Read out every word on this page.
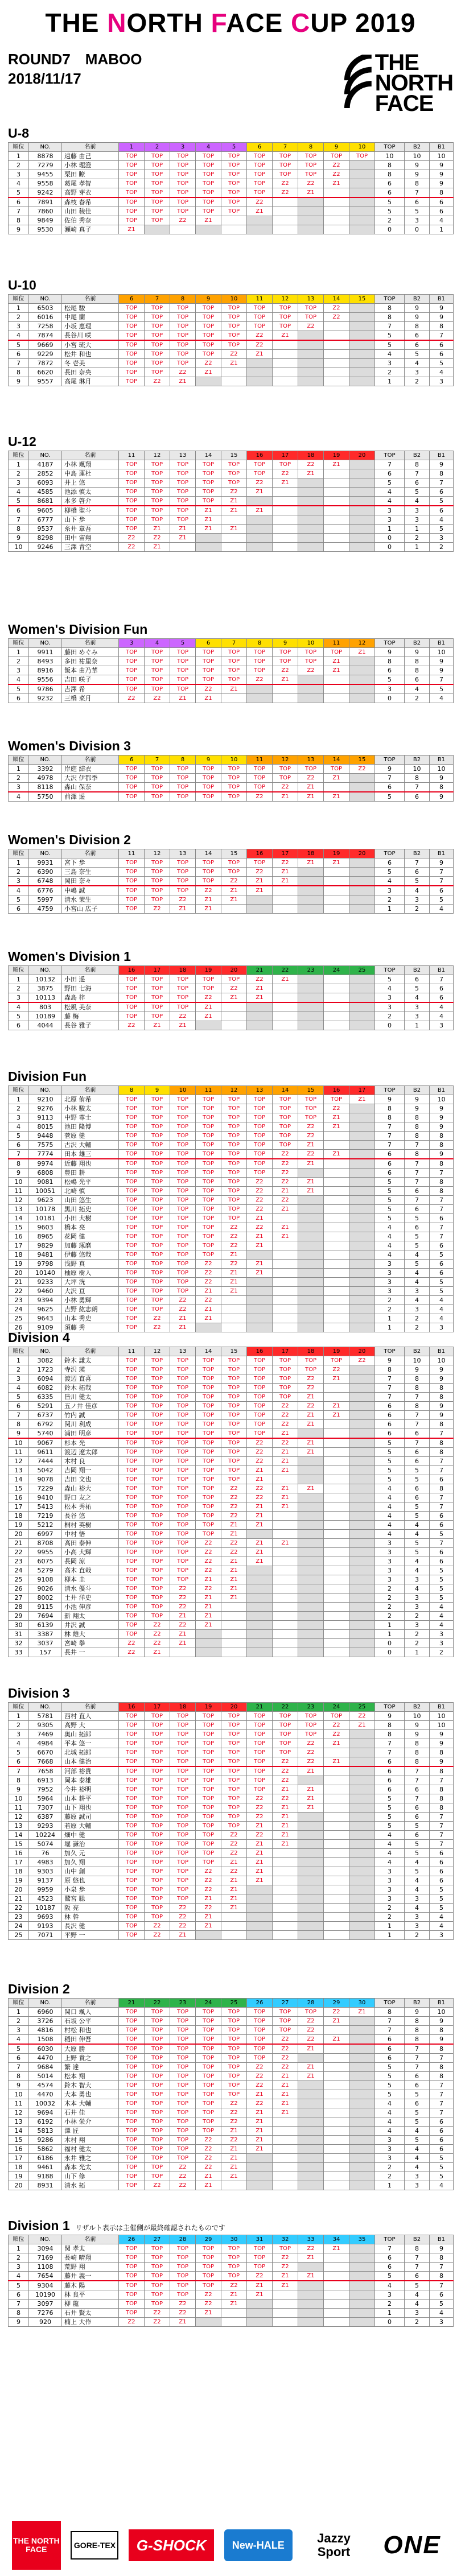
THE NORTH FACE CUP 2019
ROUND7　MABOO
2018/11/17
THE
NORTH
FACE
U-8
順位	NO.	名前	1	2	3	4	5	6	7	8	9	10	TOP	B2	B1
1	8878	遠藤 由己	TOP	TOP	TOP	TOP	TOP	TOP	TOP	TOP	TOP	TOP	10	10	10
2	7279	小林 理澄	TOP	TOP	TOP	TOP	TOP	TOP	TOP	TOP	Z2		8	9	9
3	9455	栗田 瞭	TOP	TOP	TOP	TOP	TOP	TOP	TOP	TOP	Z2		8	9	9
4	9558	葛尾 孝智	TOP	TOP	TOP	TOP	TOP	TOP	Z2	Z2	Z1		6	8	9
5	9242	高野 芽衣	TOP	TOP	TOP	TOP	TOP	TOP	Z2	Z1			6	7	8
6	7891	森枝 春希	TOP	TOP	TOP	TOP	TOP	Z2					5	6	6
7	7860	山田 稜佳	TOP	TOP	TOP	TOP	TOP	Z1					5	5	6
8	9849	佐伯 秀奈	TOP	TOP	Z2	Z1							2	3	4
9	9530	瀬崎 真子	Z1										0	0	1
U-10
順位	NO.	名前	6	7	8	9	10	11	12	13	14	15	TOP	B2	B1
1	6503	松尾 駿	TOP	TOP	TOP	TOP	TOP	TOP	TOP	TOP	Z2		8	9	9
2	6016	中尾 蘭	TOP	TOP	TOP	TOP	TOP	TOP	TOP	TOP	Z2		8	9	9
3	7258	小坂 恵理	TOP	TOP	TOP	TOP	TOP	TOP	TOP	Z2			7	8	8
4	7874	長谷川 咲	TOP	TOP	TOP	TOP	TOP	Z2	Z1				5	6	7
5	9669	小宮 琉大	TOP	TOP	TOP	TOP	TOP	Z2					5	6	6
6	9229	松井 和也	TOP	TOP	TOP	TOP	Z2	Z1					4	5	6
7	7872	冬 壱美	TOP	TOP	TOP	Z2	Z1						3	4	5
8	6620	長田 奈央	TOP	TOP	Z2	Z1							2	3	4
9	9557	高尾 琳月	TOP	Z2	Z1								1	2	3
U-12
順位	NO.	名前	11	12	13	14	15	16	17	18	19	20	TOP	B2	B1
1	4187	小林 颯翔	TOP	TOP	TOP	TOP	TOP	TOP	TOP	Z2	Z1		7	8	9
2	2852	中島 蓮杜	TOP	TOP	TOP	TOP	TOP	TOP	Z2	Z1			6	7	8
3	6093	井上 悠	TOP	TOP	TOP	TOP	TOP	Z2	Z1				5	6	7
4	4585	池添 慎太	TOP	TOP	TOP	TOP	Z2	Z1					4	5	6
5	8681	本多 啓介	TOP	TOP	TOP	TOP	Z1						4	4	5
6	9605	柳橋 聖斗	TOP	TOP	TOP	Z1	Z1	Z1					3	3	6
7	6777	山下 歩	TOP	TOP	TOP	Z1							3	3	4
8	9537	糸井 章吾	TOP	Z1	Z1	Z1	Z1						1	1	5
9	8298	田中 宙翔	Z2	Z2	Z1								0	2	3
10	9246	三澤 青空	Z2	Z1									0	1	2
Women's Division Fun
順位	NO.	名前	3	4	5	6	7	8	9	10	11	12	TOP	B2	B1
1	9911	藤田 めぐみ	TOP	TOP	TOP	TOP	TOP	TOP	TOP	TOP	TOP	Z1	9	9	10
2	8493	多田 祐里奈	TOP	TOP	TOP	TOP	TOP	TOP	TOP	TOP	Z1		8	8	9
3	8916	飯本 由乃華	TOP	TOP	TOP	TOP	TOP	TOP	Z2	Z2	Z1		6	8	9
4	9556	吉田 咲子	TOP	TOP	TOP	TOP	TOP	Z2	Z1				5	6	7
5	9786	吉澤 希	TOP	TOP	TOP	Z2	Z1						3	4	5
6	9232	三橋 菜月	Z2	Z2	Z1	Z1							0	2	4
Women's Division 3
順位	NO.	名前	6	7	8	9	10	11	12	13	14	15	TOP	B2	B1
1	3392	岸庭 結衣	TOP	TOP	TOP	TOP	TOP	TOP	TOP	TOP	TOP	Z2	9	10	10
2	4978	大沢 伊都季	TOP	TOP	TOP	TOP	TOP	TOP	TOP	Z2	Z1		7	8	9
3	8118	森山 保奈	TOP	TOP	TOP	TOP	TOP	TOP	Z2	Z1			6	7	8
4	5750	前澤 遥	TOP	TOP	TOP	TOP	TOP	Z2	Z1	Z1	Z1		5	6	9
Women's Division 2
順位	NO.	名前	11	12	13	14	15	16	17	18	19	20	TOP	B2	B1
1	9931	宮下 歩	TOP	TOP	TOP	TOP	TOP	TOP	Z2	Z1	Z1		6	7	9
2	6390	三島 奈生	TOP	TOP	TOP	TOP	TOP	Z2	Z1				5	6	7
3	6748	岡田 奈々	TOP	TOP	TOP	TOP	Z2	Z1	Z1				4	5	7
4	6776	中嶋 誠	TOP	TOP	TOP	Z2	Z1	Z1					3	4	6
5	5997	清水 茉生	TOP	TOP	Z2	Z1	Z1						2	3	5
6	4759	小宮山 広子	TOP	Z2	Z1	Z1							1	2	4
Women's Division 1
順位	NO.	名前	16	17	18	19	20	21	22	23	24	25	TOP	B2	B1
1	10132	小田 遥	TOP	TOP	TOP	TOP	TOP	Z2	Z1				5	6	7
2	3875	野田 七海	TOP	TOP	TOP	TOP	Z2	Z1					4	5	6
3	10113	森島 梓	TOP	TOP	TOP	Z2	Z1	Z1					3	4	6
4	803	松風 美奈	TOP	TOP	TOP	Z1							3	3	4
5	10189	藤 梅	TOP	TOP	Z2	Z1							2	3	4
6	4044	長谷 雅子	Z2	Z1	Z1								0	1	3
Division Fun
順位	NO.	名前	8	9	10	11	12	13	14	15	16	17	TOP	B2	B1
1	9210	北原 侑希	TOP	TOP	TOP	TOP	TOP	TOP	TOP	TOP	TOP	Z1	9	9	10
2	9276	小林 駿太	TOP	TOP	TOP	TOP	TOP	TOP	TOP	TOP	Z2		8	9	9
3	9113	中野 尊士	TOP	TOP	TOP	TOP	TOP	TOP	TOP	TOP	Z1		8	8	9
4	8015	池田 隆博	TOP	TOP	TOP	TOP	TOP	TOP	TOP	Z2	Z1		7	8	9
5	9448	菅原 健	TOP	TOP	TOP	TOP	TOP	TOP	TOP	Z2			7	8	8
6	7575	古沢 大輔	TOP	TOP	TOP	TOP	TOP	TOP	TOP	Z1			7	7	8
7	7774	田本 雄三	TOP	TOP	TOP	TOP	TOP	TOP	Z2	Z2	Z1		6	8	9
8	9974	近藤 翔也	TOP	TOP	TOP	TOP	TOP	TOP	Z2	Z1			6	7	8
9	6808	豊田 耕	TOP	TOP	TOP	TOP	TOP	TOP	Z2				6	7	7
10	9081	松嶋 光平	TOP	TOP	TOP	TOP	TOP	Z2	Z2	Z1			5	7	8
11	10051	北崎 慎	TOP	TOP	TOP	TOP	TOP	Z2	Z1	Z1			5	6	8
12	9623	山田 悠生	TOP	TOP	TOP	TOP	TOP	Z2	Z2				5	7	7
13	10178	黒川 拓史	TOP	TOP	TOP	TOP	TOP	Z2	Z1				5	6	7
14	10181	小田 大樹	TOP	TOP	TOP	TOP	TOP	Z1					5	5	6
15	9603	橋本 亮	TOP	TOP	TOP	TOP	Z2	Z2	Z1				4	6	7
16	8965	花岡 健	TOP	TOP	TOP	TOP	Z2	Z1	Z1				4	5	7
17	9829	加藤 琢磨	TOP	TOP	TOP	TOP	Z2	Z1					4	5	6
18	9481	伊藤 悠哉	TOP	TOP	TOP	TOP	Z1						4	4	5
19	9798	浅野 真	TOP	TOP	TOP	Z2	Z2	Z1					3	5	6
20	10140	柚原 樹人	TOP	TOP	TOP	Z2	Z1	Z1					3	4	6
21	9233	大坪 洸	TOP	TOP	TOP	Z2	Z1						3	4	5
22	9460	大沢 亘	TOP	TOP	TOP	Z1	Z1						3	3	5
23	9394	小林 勇輝	TOP	TOP	Z2	Z2							2	4	4
24	9625	吉野 紘志朗	TOP	TOP	Z2	Z1							2	3	4
25	9643	山本 秀史	TOP	Z2	Z1	Z1							1	2	4
26	9109	須藤 秀	TOP	Z2	Z1								1	2	3
Division 4
順位	NO.	名前	11	12	13	14	15	16	17	18	19	20	TOP	B2	B1
1	3082	鈴木 謙太	TOP	TOP	TOP	TOP	TOP	TOP	TOP	TOP	TOP	Z2	9	10	10
2	1723	寺沢 瑛	TOP	TOP	TOP	TOP	TOP	TOP	TOP	TOP	Z2		8	9	9
3	6094	渡辺 直喜	TOP	TOP	TOP	TOP	TOP	TOP	TOP	Z2	Z1		7	8	9
4	6082	鈴木 拓哉	TOP	TOP	TOP	TOP	TOP	TOP	TOP	Z2			7	8	8
5	6335	皆川 健太	TOP	TOP	TOP	TOP	TOP	TOP	TOP	Z1			7	7	8
6	5291	五ノ井 佳彦	TOP	TOP	TOP	TOP	TOP	TOP	Z2	Z2	Z1		6	8	9
7	6737	竹内 誠	TOP	TOP	TOP	TOP	TOP	TOP	Z2	Z1	Z1		6	7	9
8	6792	関川 利成	TOP	TOP	TOP	TOP	TOP	TOP	Z2	Z1			6	7	8
9	5740	浦田 明彦	TOP	TOP	TOP	TOP	TOP	TOP	Z1				6	6	7
10	9067	杉本 光	TOP	TOP	TOP	TOP	TOP	Z2	Z2	Z1			5	7	8
11	9611	渡辺 遼太郎	TOP	TOP	TOP	TOP	TOP	Z2	Z1	Z1			5	6	8
12	7444	木村 良	TOP	TOP	TOP	TOP	TOP	Z2	Z1				5	6	7
13	5042	吉岡 翔一	TOP	TOP	TOP	TOP	TOP	Z1	Z1				5	5	7
14	9078	吉田 文也	TOP	TOP	TOP	TOP	TOP	Z1					5	5	6
15	7229	森山 裕大	TOP	TOP	TOP	TOP	Z2	Z2	Z1	Z1			4	6	8
16	9410	野口 友之	TOP	TOP	TOP	TOP	Z2	Z2	Z1				4	6	7
17	5413	松本 秀祐	TOP	TOP	TOP	TOP	Z2	Z1	Z1				4	5	7
18	7219	長谷 悠	TOP	TOP	TOP	TOP	Z2	Z1					4	5	6
19	5212	桐村 英樹	TOP	TOP	TOP	TOP	Z1	Z1					4	4	6
20	6997	中村 悟	TOP	TOP	TOP	TOP	Z1						4	4	5
21	8708	高田 泰伸	TOP	TOP	TOP	Z2	Z2	Z1	Z1				3	5	7
22	9955	小高 大輝	TOP	TOP	TOP	Z2	Z2	Z1					3	5	6
23	6075	長岡 涼	TOP	TOP	TOP	Z2	Z1	Z1					3	4	6
24	5279	高木 直哉	TOP	TOP	TOP	Z2	Z1						3	4	5
25	9108	柳本 圭	TOP	TOP	TOP	Z1	Z1						3	3	5
26	9026	清水 優斗	TOP	TOP	Z2	Z2	Z1						2	4	5
27	8002	土井 洋史	TOP	TOP	Z2	Z1	Z1						2	3	5
28	9115	小池 伸彦	TOP	TOP	Z2	Z1							2	3	4
29	7694	新 翔太	TOP	TOP	Z1	Z1							2	2	4
30	6139	井沢 誠	TOP	Z2	Z2	Z1							1	3	4
31	3387	林 雄大	TOP	Z2	Z1								1	2	3
32	3037	宮崎 拳	Z2	Z2	Z1								0	2	3
33	157	長井 一	Z2	Z1									0	1	2
Division 3
順位	NO.	名前	16	17	18	19	20	21	22	23	24	25	TOP	B2	B1
1	5781	西村 直人	TOP	TOP	TOP	TOP	TOP	TOP	TOP	TOP	TOP	Z2	9	10	10
2	9305	高野 大	TOP	TOP	TOP	TOP	TOP	TOP	TOP	TOP	Z2	Z1	8	9	10
3	7469	奥山 拓郎	TOP	TOP	TOP	TOP	TOP	TOP	TOP	TOP	Z2		8	9	9
4	4984	平本 悠一	TOP	TOP	TOP	TOP	TOP	TOP	TOP	Z2	Z1		7	8	9
5	6670	北城 拓郎	TOP	TOP	TOP	TOP	TOP	TOP	TOP	Z2			7	8	8
6	7668	山本 健治	TOP	TOP	TOP	TOP	TOP	TOP	Z2	Z2	Z1		6	8	9
7	7658	河部 裕貴	TOP	TOP	TOP	TOP	TOP	TOP	Z2	Z1			6	7	8
8	6913	岡本 泰雄	TOP	TOP	TOP	TOP	TOP	TOP	Z2				6	7	7
9	7952	今井 裕明	TOP	TOP	TOP	TOP	TOP	TOP	Z1	Z1			6	6	8
10	5964	山本 耕平	TOP	TOP	TOP	TOP	TOP	Z2	Z2	Z1			5	7	8
11	7307	山下 翔也	TOP	TOP	TOP	TOP	TOP	Z2	Z1	Z1			5	6	8
12	6387	藤原 誠司	TOP	TOP	TOP	TOP	TOP	Z2	Z1				5	6	7
13	9293	若原 大輔	TOP	TOP	TOP	TOP	TOP	Z1	Z1				5	5	7
14	10224	畑中 健	TOP	TOP	TOP	TOP	Z2	Z2	Z1				4	6	7
15	5074	堀 謙治	TOP	TOP	TOP	TOP	Z2	Z1	Z1				4	5	7
16	76	加久 元	TOP	TOP	TOP	TOP	Z2	Z1					4	5	6
17	4983	加久 翔	TOP	TOP	TOP	TOP	Z1	Z1					4	4	6
18	9303	山中 創	TOP	TOP	TOP	Z2	Z2	Z1					3	5	6
19	9137	原 悠也	TOP	TOP	TOP	Z2	Z1	Z1					3	4	6
20	9959	小泉 歩	TOP	TOP	TOP	Z2	Z1						3	4	5
21	4523	鷲宮 聡	TOP	TOP	TOP	Z1	Z1						3	3	5
22	10187	阪 亮	TOP	TOP	Z2	Z2	Z1						2	4	5
23	9693	林 幹	TOP	TOP	Z2	Z1							2	3	4
24	9193	長沢 健	TOP	Z2	Z2	Z1							1	3	4
25	7071	平野 一	TOP	Z2	Z1								1	2	3
Division 2
順位	NO.	名前	21	22	23	24	25	26	27	28	29	30	TOP	B2	B1
1	6960	関口 颯人	TOP	TOP	TOP	TOP	TOP	TOP	TOP	TOP	Z2	Z1	8	9	10
2	3726	石坂 公平	TOP	TOP	TOP	TOP	TOP	TOP	TOP	Z2	Z1		7	8	9
3	4816	村松 和也	TOP	TOP	TOP	TOP	TOP	TOP	TOP	Z2			7	8	8
4	1508	稲田 伸吾	TOP	TOP	TOP	TOP	TOP	TOP	Z2	Z2	Z1		6	8	9
5	6030	大原 勝	TOP	TOP	TOP	TOP	TOP	TOP	Z2	Z1			6	7	8
6	4470	上野 貴之	TOP	TOP	TOP	TOP	TOP	TOP	Z2				6	7	7
7	9684	繁 達	TOP	TOP	TOP	TOP	TOP	Z2	Z2	Z1			5	7	8
8	5014	松本 翔	TOP	TOP	TOP	TOP	TOP	Z2	Z1	Z1			5	6	8
9	4574	鈴木 智大	TOP	TOP	TOP	TOP	TOP	Z2	Z1				5	6	7
10	4470	大本 勇也	TOP	TOP	TOP	TOP	TOP	Z1	Z1				5	5	7
11	10032	木本 大輔	TOP	TOP	TOP	TOP	Z2	Z2	Z1				4	6	7
12	9694	石井 佳	TOP	TOP	TOP	TOP	Z2	Z1	Z1				4	5	7
13	6192	小林 栄介	TOP	TOP	TOP	TOP	Z2	Z1					4	5	6
14	5813	澤 匠	TOP	TOP	TOP	TOP	Z1	Z1					4	4	6
15	9286	木村 翔	TOP	TOP	TOP	Z2	Z2	Z1					3	5	6
16	5862	福村 健太	TOP	TOP	TOP	Z2	Z1	Z1					3	4	6
17	6186	永井 雅之	TOP	TOP	TOP	Z2	Z1						3	4	5
18	9461	森本 光太	TOP	TOP	Z2	Z2	Z1						2	4	5
19	9188	山下 修	TOP	TOP	Z2	Z1	Z1						2	3	5
20	8931	清水 拓	TOP	Z2	Z2	Z1							1	3	4
Division 1 リザルト表示は主催側が最終確認されたものです
順位	NO.	名前	26	27	28	29	30	31	32	33	34	35	TOP	B2	B1
1	3094	関 孝太	TOP	TOP	TOP	TOP	TOP	TOP	TOP	Z2	Z1		7	8	9
2	7169	長崎 晴翔	TOP	TOP	TOP	TOP	TOP	TOP	Z2	Z1			6	7	8
3	1108	荒野 翔	TOP	TOP	TOP	TOP	TOP	TOP	Z2				6	7	7
4	7654	藤井 義一	TOP	TOP	TOP	TOP	TOP	Z2	Z1	Z1			5	6	8
5	9304	藤木 陽	TOP	TOP	TOP	TOP	Z2	Z1	Z1				4	5	7
6	10190	林 良平	TOP	TOP	TOP	Z2	Z1	Z1					3	4	6
7	3097	柳 龍	TOP	TOP	Z2	Z2	Z1						2	4	5
8	7276	石井 賢太	TOP	Z2	Z2	Z1							1	3	4
9	920	楠上 大作	Z2	Z2	Z1								0	2	3
THE NORTH FACE	GORE-TEX	G-SHOCK	New-HALE	Jazzy
Sport	ONE
